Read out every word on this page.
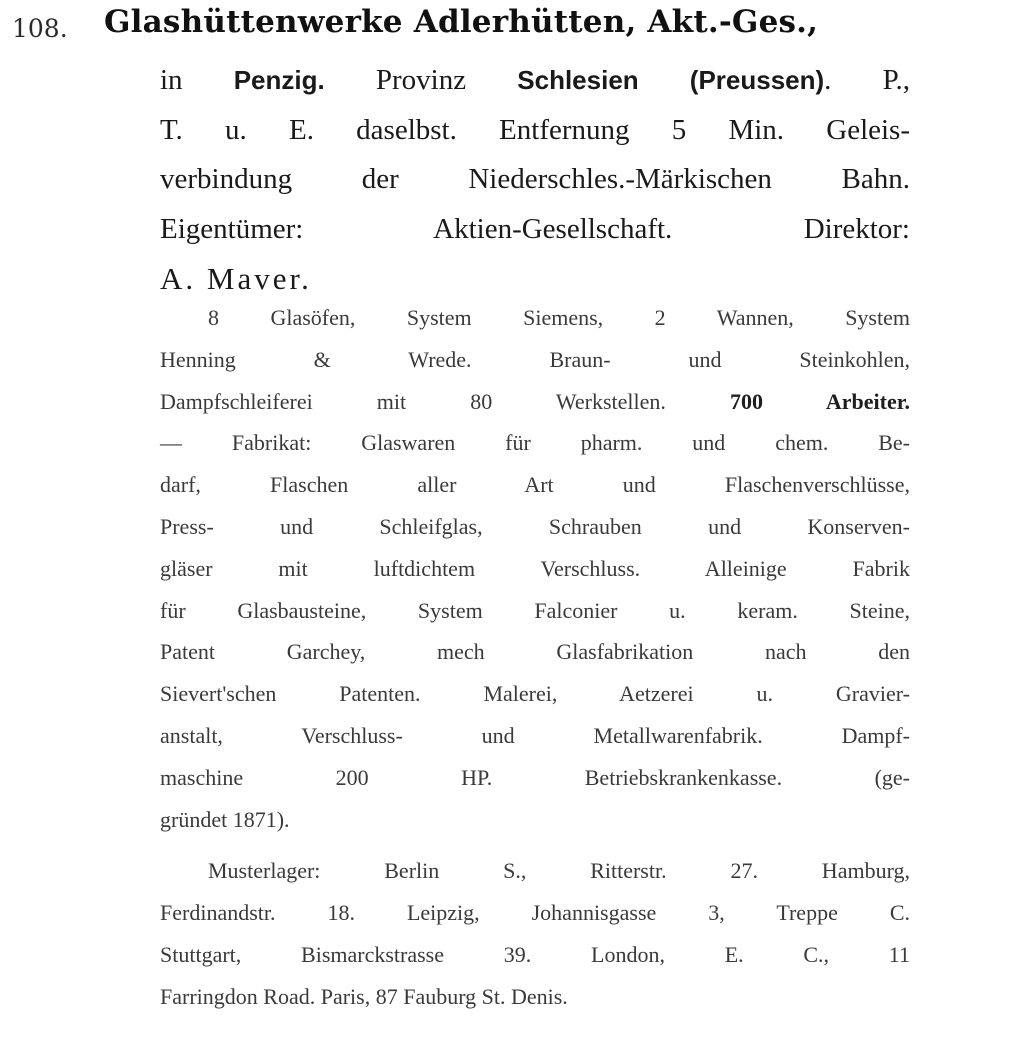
108. Glashüttenwerke Adlerhütten, Akt.-Ges.,
in Penzig. Provinz Schlesien (Preussen). P.,
T. u. E. daselbst. Entfernung 5 Min. Geleis-
verbindung der Niederschles.-Märkischen Bahn.
Eigentümer: Aktien-Gesellschaft. Direktor:
A. Maver.
8 Glasöfen, System Siemens, 2 Wannen, System
Henning & Wrede. Braun- und Steinkohlen,
Dampfschleiferei mit 80 Werkstellen. 700 Arbeiter.
— Fabrikat: Glaswaren für pharm. und chem. Be-
darf, Flaschen aller Art und Flaschenverschlüsse,
Press- und Schleifglas, Schrauben und Konserven-
gläser mit luftdichtem Verschluss. Alleinige Fabrik
für Glasbausteine, System Falconier u. keram. Steine,
Patent Garchey, mech Glasfabrikation nach den
Sievert'schen Patenten. Malerei, Aetzerei u. Gravier-
anstalt, Verschluss- und Metallwarenfabrik. Dampf-
maschine 200 HP. Betriebskrankenkasse. (ge-
gründet 1871).
Musterlager: Berlin S., Ritterstr. 27. Hamburg,
Ferdinandstr. 18. Leipzig, Johannisgasse 3, Treppe C.
Stuttgart, Bismarckstrasse 39. London, E. C., 11
Farringdon Road. Paris, 87 Fauburg St. Denis.
